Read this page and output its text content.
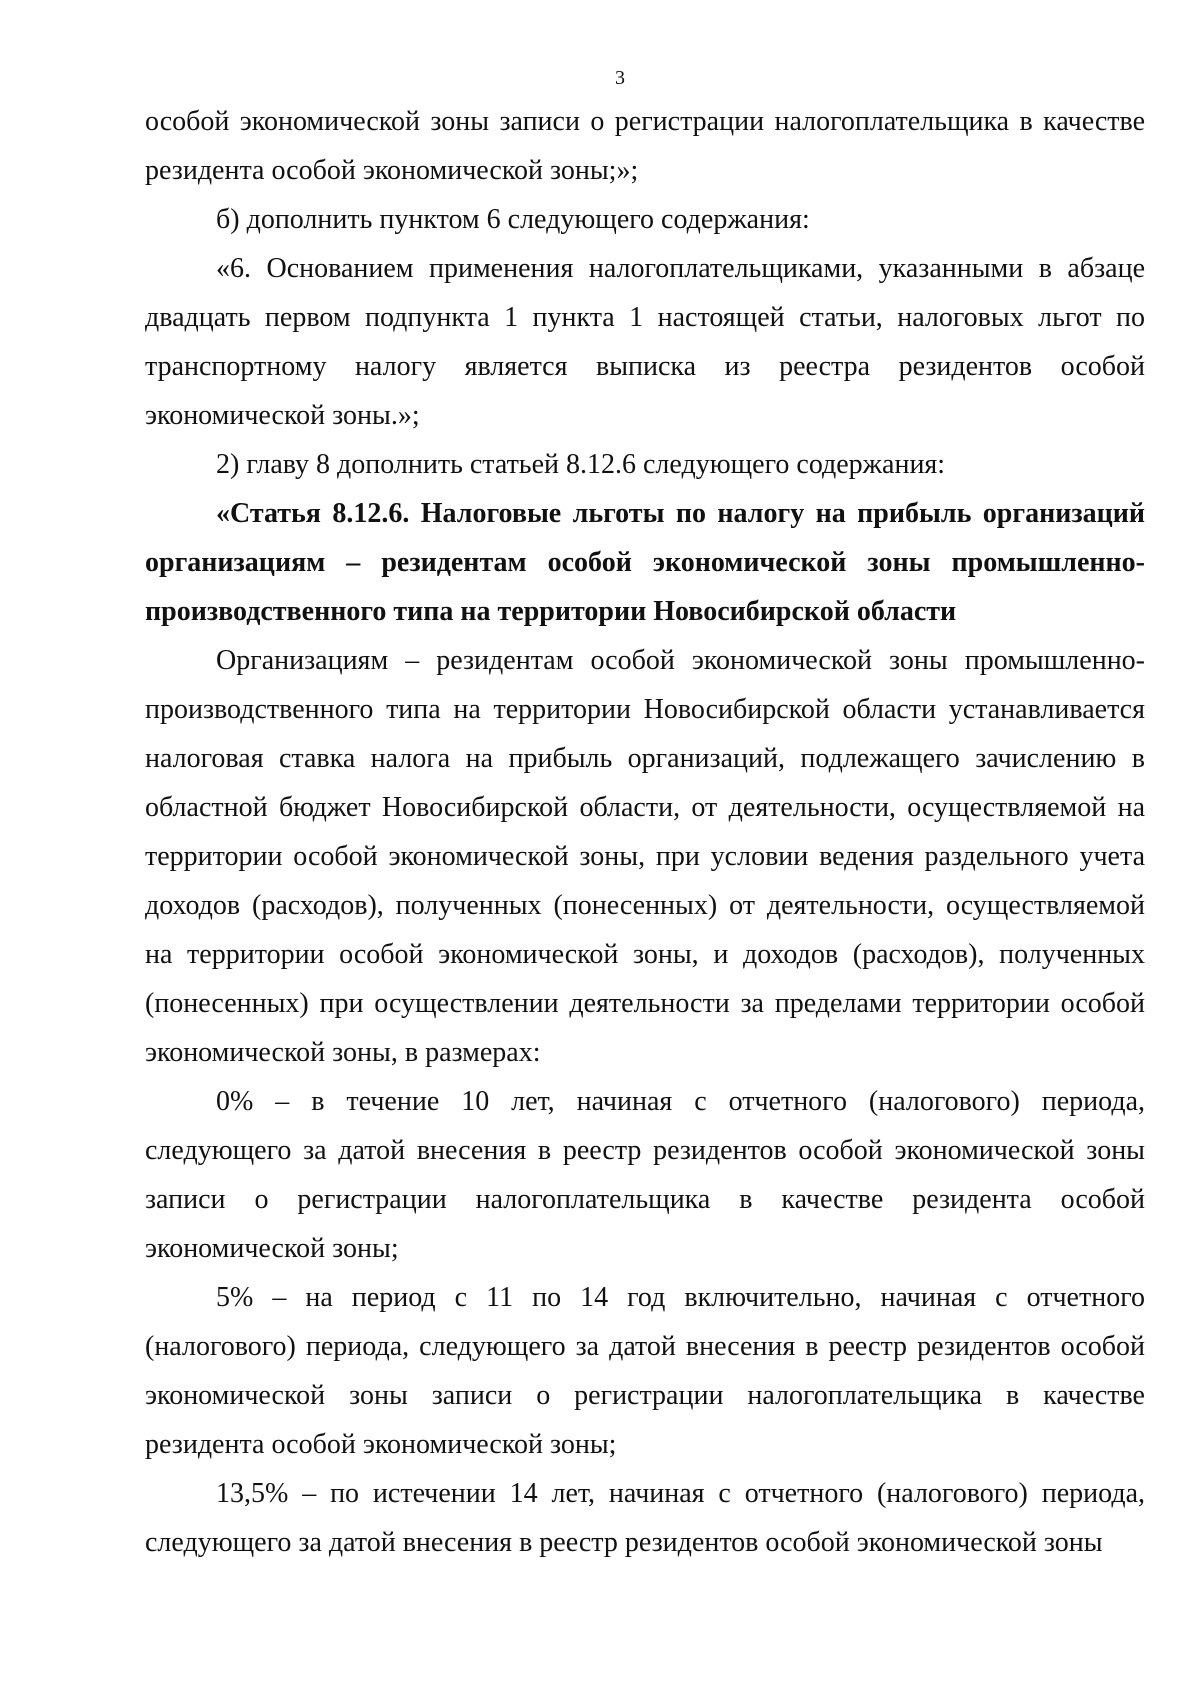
3

особой экономической зоны записи о регистрации налогоплательщика в качестве резидента особой экономической зоны;»;

б) дополнить пунктом 6 следующего содержания:

«6. Основанием применения налогоплательщиками, указанными в абзаце двадцать первом подпункта 1 пункта 1 настоящей статьи, налоговых льгот по транспортному налогу является выписка из реестра резидентов особой экономической зоны.»;

2) главу 8 дополнить статьей 8.12.6 следующего содержания:

«Статья 8.12.6. Налоговые льготы по налогу на прибыль организаций организациям – резидентам особой экономической зоны промышленно-производственного типа на территории Новосибирской области

Организациям – резидентам особой экономической зоны промышленно-производственного типа на территории Новосибирской области устанавливается налоговая ставка налога на прибыль организаций, подлежащего зачислению в областной бюджет Новосибирской области, от деятельности, осуществляемой на территории особой экономической зоны, при условии ведения раздельного учета доходов (расходов), полученных (понесенных) от деятельности, осуществляемой на территории особой экономической зоны, и доходов (расходов), полученных (понесенных) при осуществлении деятельности за пределами территории особой экономической зоны, в размерах:

0% – в течение 10 лет, начиная с отчетного (налогового) периода, следующего за датой внесения в реестр резидентов особой экономической зоны записи о регистрации налогоплательщика в качестве резидента особой экономической зоны;

5% – на период с 11 по 14 год включительно, начиная с отчетного (налогового) периода, следующего за датой внесения в реестр резидентов особой экономической зоны записи о регистрации налогоплательщика в качестве резидента особой экономической зоны;

13,5% – по истечении 14 лет, начиная с отчетного (налогового) периода, следующего за датой внесения в реестр резидентов особой экономической зоны
